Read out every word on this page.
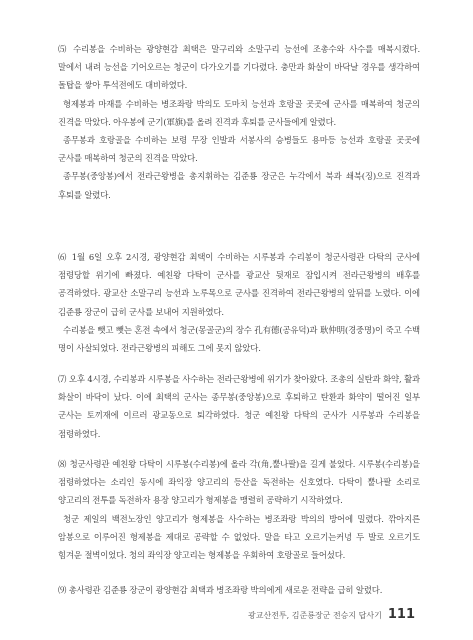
⑸ 수리봉을 수비하는 광양현감 최택은 말구리와 소말구리 능선에 조총수와 사수를 매복시켰다. 말에서 내려 능선을 기어오르는 청군이 다가오기를 기다렸다. 충만과 화살이 바닥날 경우를 생각하여 돌탑을 쌓아 투석전에도 대비하였다.

형제봉과 마재를 수비하는 병조좌랑 박의도 도마치 능선과 호랑골 곳곳에 군사를 매복하여 청군의 진격을 막았다. 아우봉에 군기(軍旗)를 올려 진격과 후퇴를 군사들에게 알렸다.

종무봉과 호랑골을 수비하는 보령 무장 인발과 서봉사의 승병들도 용마등 능선과 호랑골 곳곳에 군사를 매복하여 청군의 진격을 막았다.

종무봉(중앙봉)에서 전라근왕병을 총지휘하는 김준룡 장군은 누각에서 북과 쇄북(징)으로 진격과 후퇴를 알렸다.

⑹ 1월 6일 오후 2시경, 광양현감 최택이 수비하는 시루봉과 수리봉이 청군사령관 다탁의 군사에 점령당할 위기에 빠졌다. 예친왕 다탁이 군사를 광교산 뒷재로 잠입시켜 전라근왕병의 배후를 공격하였다. 광교산 소말구리 능선과 노루목으로 군사를 진격하여 전라근왕병의 앞뒤를 노렸다. 이에 김준룡 장군이 급히 군사를 보내어 지원하였다.

수리봉을 뺏고 뺏는 혼전 속에서 청군(몽골군)의 장수 孔有德(공유덕)과 耿仲明(경중명)이 죽고 수백 명이 사살되었다. 전라근왕병의 피해도 그에 못지 않았다.

⑺ 오후 4시경, 수리봉과 시루봉을 사수하는 전라근왕병에 위기가 찾아왔다. 조총의 실탄과 화약, 활과 화살이 바닥이 났다. 이에 최택의 군사는 종무봉(중앙봉)으로 후퇴하고 탄환과 화약이 떨어진 일부 군사는 토끼재에 이르러 광교동으로 퇴각하였다. 청군 예친왕 다탁의 군사가 시루봉과 수리봉을 점령하였다.

⑻ 청군사령관 예친왕 다탁이 시루봉(수리봉)에 올라 각(角,뿔나팔)을 길게 불었다. 시루봉(수리봉)을 점령하였다는 소리인 동시에 좌익장 양고리의 등산을 독전하는 신호였다. 다탁이 뿔나팔 소리로 양고리의 전투를 독전하자 용장 양고리가 형제봉을 맹렬히 공략하기 시작하였다.

청군 제일의 백전노장인 양고리가 형제봉을 사수하는 병조좌랑 박의의 방어에 밀렸다. 깎아지른 암봉으로 이루어진 형제봉을 제대로 공략할 수 없었다. 말을 타고 오르기는커녕 두 발로 오르기도 힘겨운 절벽이었다. 청의 좌익장 양고리는 형제봉을 우회하여 호랑골로 들어섰다.

⑼ 총사령관 김준룡 장군이 광양현감 최택과 병조좌랑 박의에게 새로운 전략을 급히 알렸다.

광교산전투, 김준룡장군 전승지 답사기 111
